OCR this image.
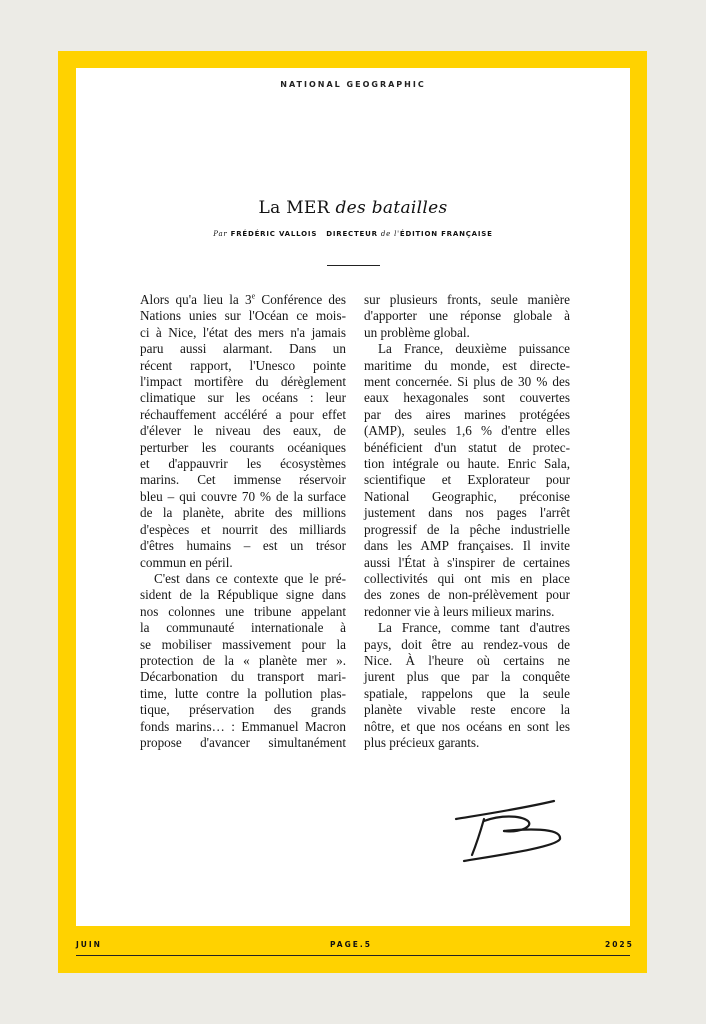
NATIONAL GEOGRAPHIC
La MER des batailles
Par FRÉDÉRIC VALLOIS DIRECTEUR de l'ÉDITION FRANÇAISE
Alors qu'a lieu la 3e Conférence des
Nations unies sur l'Océan ce mois-
ci à Nice, l'état des mers n'a jamais
paru aussi alarmant. Dans un
récent rapport, l'Unesco pointe
l'impact mortifère du dérèglement
climatique sur les océans : leur
réchauffement accéléré a pour effet
d'élever le niveau des eaux, de
perturber les courants océaniques
et d'appauvrir les écosystèmes
marins. Cet immense réservoir
bleu – qui couvre 70 % de la surface
de la planète, abrite des millions
d'espèces et nourrit des milliards
d'êtres humains – est un trésor
commun en péril.
C'est dans ce contexte que le pré-
sident de la République signe dans
nos colonnes une tribune appelant
la communauté internationale à
se mobiliser massivement pour la
protection de la « planète mer ».
Décarbonation du transport mari-
time, lutte contre la pollution plas-
tique, préservation des grands
fonds marins… : Emmanuel Macron
propose d'avancer simultanément
sur plusieurs fronts, seule manière
d'apporter une réponse globale à
un problème global.
La France, deuxième puissance
maritime du monde, est directe-
ment concernée. Si plus de 30 % des
eaux hexagonales sont couvertes
par des aires marines protégées
(AMP), seules 1,6 % d'entre elles
bénéficient d'un statut de protec-
tion intégrale ou haute. Enric Sala,
scientifique et Explorateur pour
National Geographic, préconise
justement dans nos pages l'arrêt
progressif de la pêche industrielle
dans les AMP françaises. Il invite
aussi l'État à s'inspirer de certaines
collectivités qui ont mis en place
des zones de non-prélèvement pour
redonner vie à leurs milieux marins.
La France, comme tant d'autres
pays, doit être au rendez-vous de
Nice. À l'heure où certains ne
jurent plus que par la conquête
spatiale, rappelons que la seule
planète vivable reste encore la
nôtre, et que nos océans en sont les
plus précieux garants.
JUIN	PAGE.5	2025
